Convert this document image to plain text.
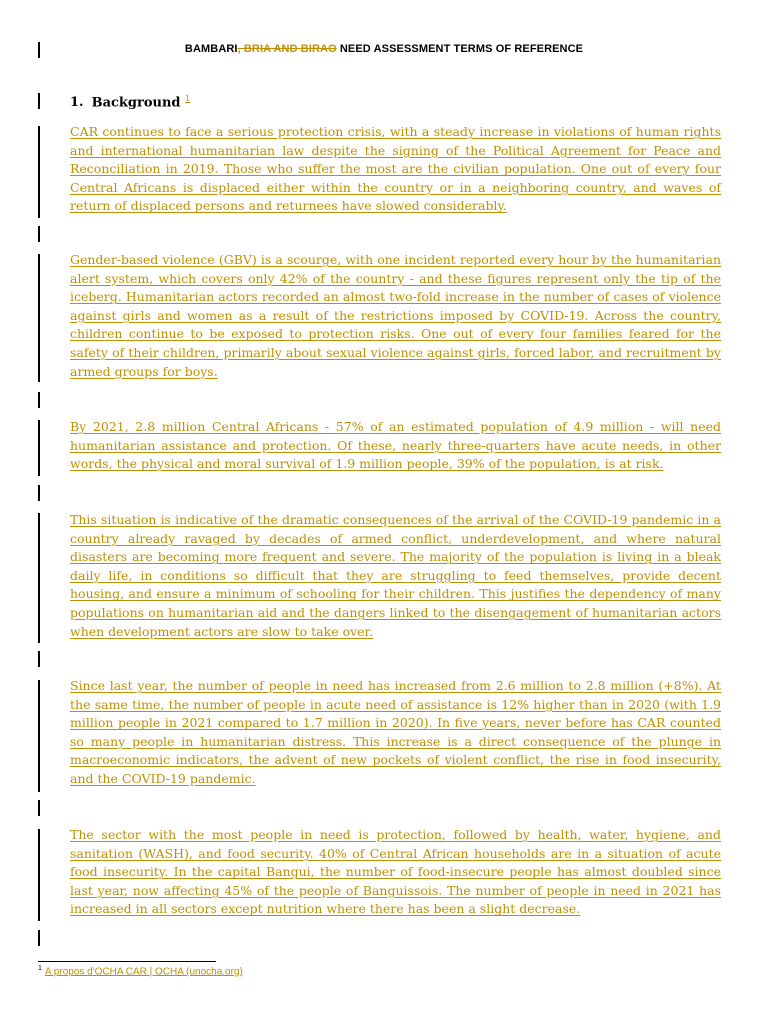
BAMBARI, BRIA AND BIRAO NEED ASSESSMENT TERMS OF REFERENCE
1. Background $^1$
CAR continues to face a serious protection crisis, with a steady increase in violations of human rights and international humanitarian law despite the signing of the Political Agreement for Peace and Reconciliation in 2019. Those who suffer the most are the civilian population. One out of every four Central Africans is displaced either within the country or in a neighboring country, and waves of return of displaced persons and returnees have slowed considerably.
Gender-based violence (GBV) is a scourge, with one incident reported every hour by the humanitarian alert system, which covers only 42% of the country - and these figures represent only the tip of the iceberg. Humanitarian actors recorded an almost two-fold increase in the number of cases of violence against girls and women as a result of the restrictions imposed by COVID-19. Across the country, children continue to be exposed to protection risks. One out of every four families feared for the safety of their children, primarily about sexual violence against girls, forced labor, and recruitment by armed groups for boys.
By 2021, 2.8 million Central Africans - 57% of an estimated population of 4.9 million - will need humanitarian assistance and protection. Of these, nearly three-quarters have acute needs, in other words, the physical and moral survival of 1.9 million people, 39% of the population, is at risk.
This situation is indicative of the dramatic consequences of the arrival of the COVID-19 pandemic in a country already ravaged by decades of armed conflict, underdevelopment, and where natural disasters are becoming more frequent and severe. The majority of the population is living in a bleak daily life, in conditions so difficult that they are struggling to feed themselves, provide decent housing, and ensure a minimum of schooling for their children. This justifies the dependency of many populations on humanitarian aid and the dangers linked to the disengagement of humanitarian actors when development actors are slow to take over.
Since last year, the number of people in need has increased from 2.6 million to 2.8 million (+8%). At the same time, the number of people in acute need of assistance is 12% higher than in 2020 (with 1.9 million people in 2021 compared to 1.7 million in 2020). In five years, never before has CAR counted so many people in humanitarian distress. This increase is a direct consequence of the plunge in macroeconomic indicators, the advent of new pockets of violent conflict, the rise in food insecurity, and the COVID-19 pandemic.
The sector with the most people in need is protection, followed by health, water, hygiene, and sanitation (WASH), and food security. 40% of Central African households are in a situation of acute food insecurity. In the capital Bangui, the number of food-insecure people has almost doubled since last year, now affecting 45% of the people of Banguissois. The number of people in need in 2021 has increased in all sectors except nutrition where there has been a slight decrease.
$^1$ A propos d'OCHA CAR | OCHA (unocha.org)
